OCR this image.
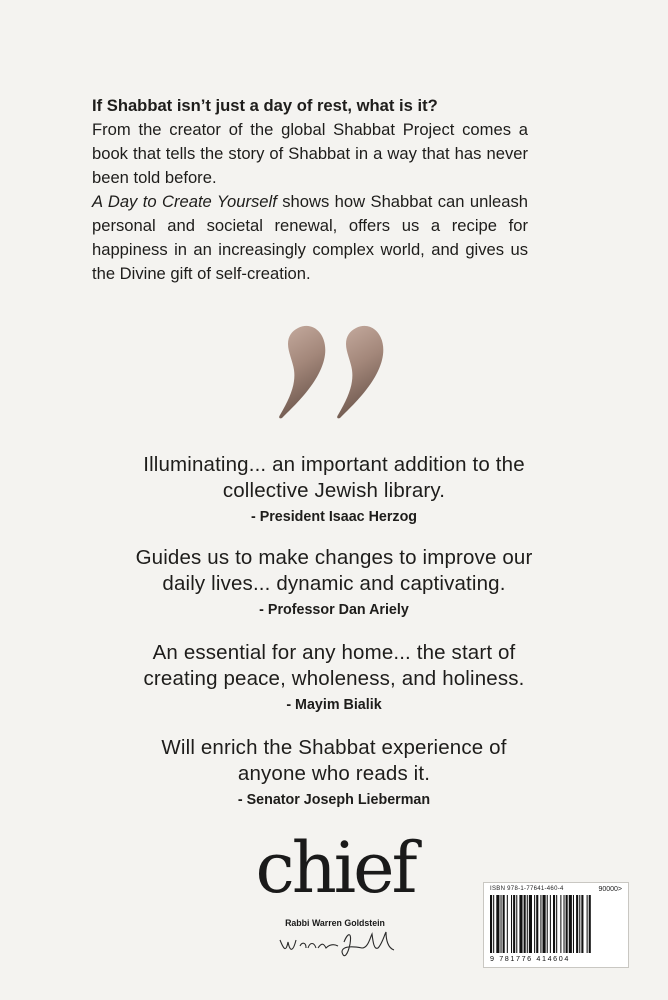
If Shabbat isn’t just a day of rest, what is it?

From the creator of the global Shabbat Project comes a book that tells the story of Shabbat in a way that has never been told before.

A Day to Create Yourself shows how Shabbat can unleash personal and societal renewal, offers us a recipe for happiness in an increasingly complex world, and gives us the Divine gift of self-creation.

Illuminating... an important addition to the
collective Jewish library.
- President Isaac Herzog
Guides us to make changes to improve our
daily lives... dynamic and captivating.
- Professor Dan Ariely
An essential for any home... the start of
creating peace, wholeness, and holiness.
- Mayim Bialik
Will enrich the Shabbat experience of
anyone who reads it.
- Senator Joseph Lieberman
chief
Rabbi Warren Goldstein
ISBN 978-1-77641-460-4	90000>
9 781776 414604
